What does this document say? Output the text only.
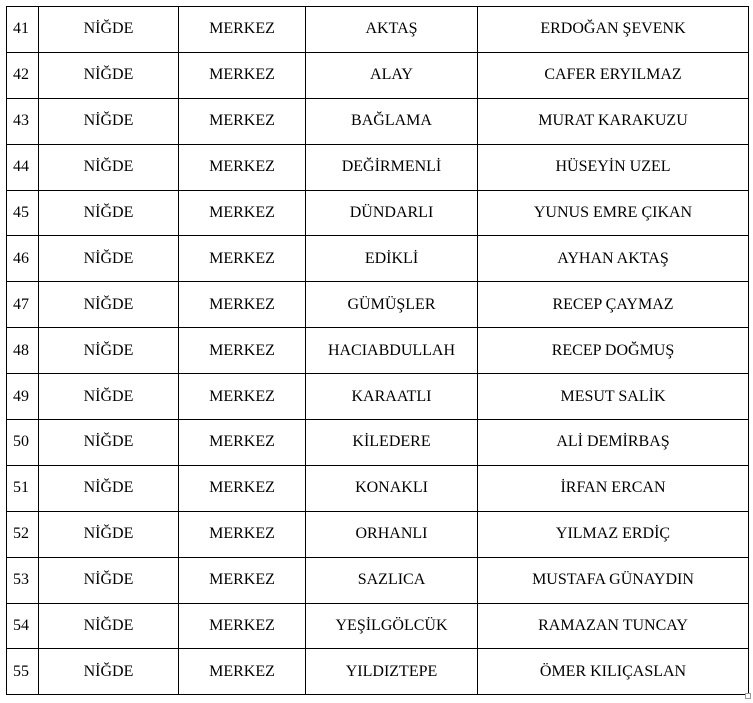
41	NİĞDE	MERKEZ	AKTAŞ	ERDOĞAN ŞEVENK
42	NİĞDE	MERKEZ	ALAY	CAFER ERYILMAZ
43	NİĞDE	MERKEZ	BAĞLAMA	MURAT KARAKUZU
44	NİĞDE	MERKEZ	DEĞİRMENLİ	HÜSEYİN UZEL
45	NİĞDE	MERKEZ	DÜNDARLI	YUNUS EMRE ÇIKAN
46	NİĞDE	MERKEZ	EDİKLİ	AYHAN AKTAŞ
47	NİĞDE	MERKEZ	GÜMÜŞLER	RECEP ÇAYMAZ
48	NİĞDE	MERKEZ	HACIABDULLAH	RECEP DOĞMUŞ
49	NİĞDE	MERKEZ	KARAATLI	MESUT SALİK
50	NİĞDE	MERKEZ	KİLEDERE	ALİ DEMİRBAŞ
51	NİĞDE	MERKEZ	KONAKLI	İRFAN ERCAN
52	NİĞDE	MERKEZ	ORHANLI	YILMAZ ERDİÇ
53	NİĞDE	MERKEZ	SAZLICA	MUSTAFA GÜNAYDIN
54	NİĞDE	MERKEZ	YEŞİLGÖLCÜK	RAMAZAN TUNCAY
55	NİĞDE	MERKEZ	YILDIZTEPE	ÖMER KILIÇASLAN
